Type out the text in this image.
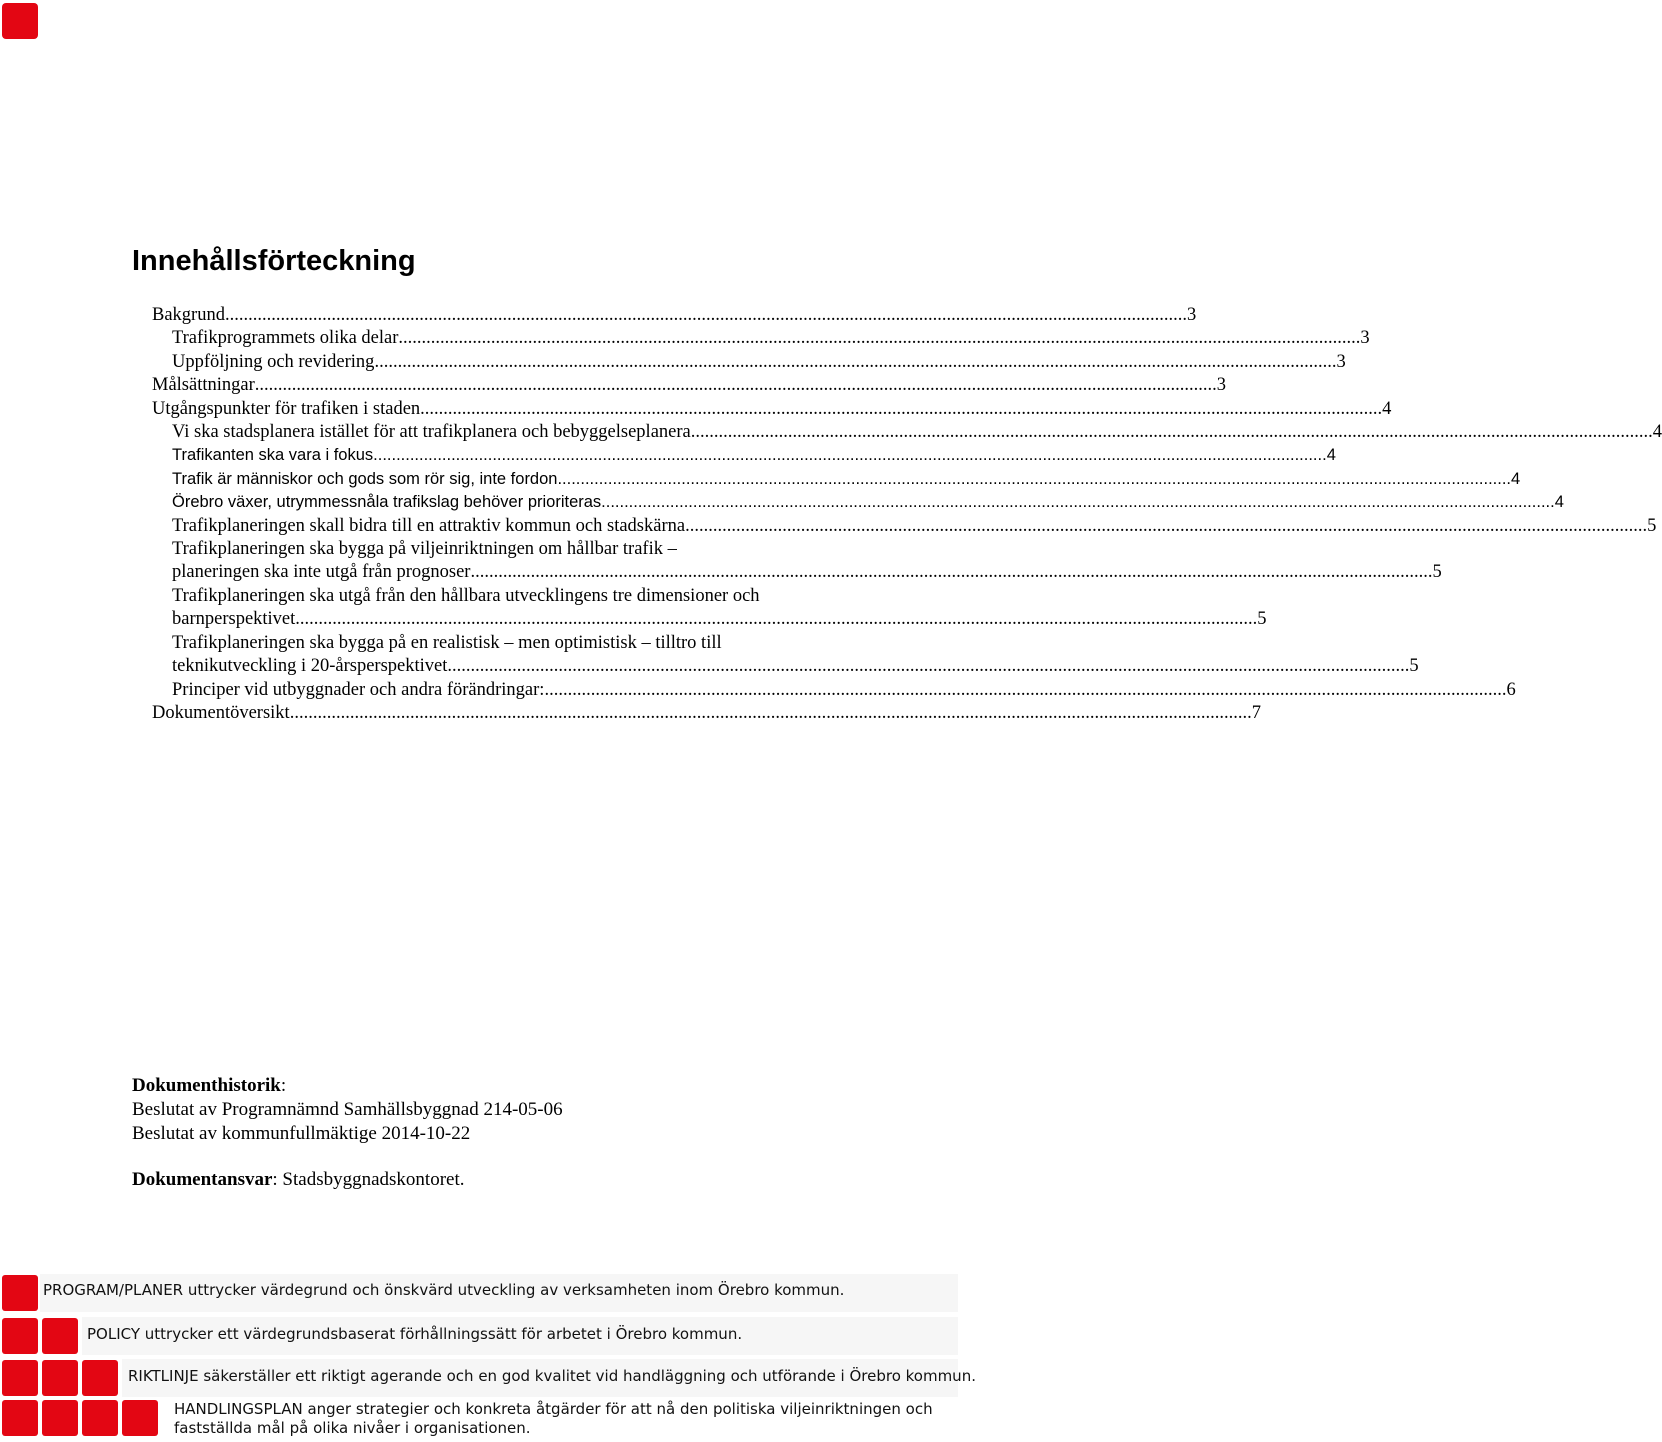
Innehållsförteckning
Bakgrund .....	3
Trafikprogrammets olika delar .....	3
Uppföljning och revidering .....	3
Målsättningar .....	3
Utgångspunkter för trafiken i staden .....	4
Vi ska stadsplanera istället för att trafikplanera och bebyggelseplanera .....	4
Trafikanten ska vara i fokus .....	4
Trafik är människor och gods som rör sig, inte fordon .....	4
Örebro växer, utrymmessnåla trafikslag behöver prioriteras .....	4
Trafikplaneringen skall bidra till en attraktiv kommun och stadskärna .....	5
Trafikplaneringen ska bygga på viljeinriktningen om hållbar trafik –
planeringen ska inte utgå från prognoser .....	5
Trafikplaneringen ska utgå från den hållbara utvecklingens tre dimensioner och
barnperspektivet .....	5
Trafikplaneringen ska bygga på en realistisk – men optimistisk – tilltro till
teknikutveckling i 20-årsperspektivet .....	5
Principer vid utbyggnader och andra förändringar: .....	6
Dokumentöversikt .....	7

Dokumenthistorik:

Beslutat av Programnämnd Samhällsbyggnad 214-05-06

Beslutat av kommunfullmäktige 2014-10-22

Dokumentansvar: Stadsbyggnadskontoret.

PROGRAM/PLANER uttrycker värdegrund och önskvärd utveckling av verksamheten inom Örebro kommun.
POLICY uttrycker ett värdegrundsbaserat förhållningssätt för arbetet i Örebro kommun.
RIKTLINJE säkerställer ett riktigt agerande och en god kvalitet vid handläggning och utförande i Örebro kommun.
HANDLINGSPLAN anger strategier och konkreta åtgärder för att nå den politiska viljeinriktningen och
fastställda mål på olika nivåer i organisationen.
